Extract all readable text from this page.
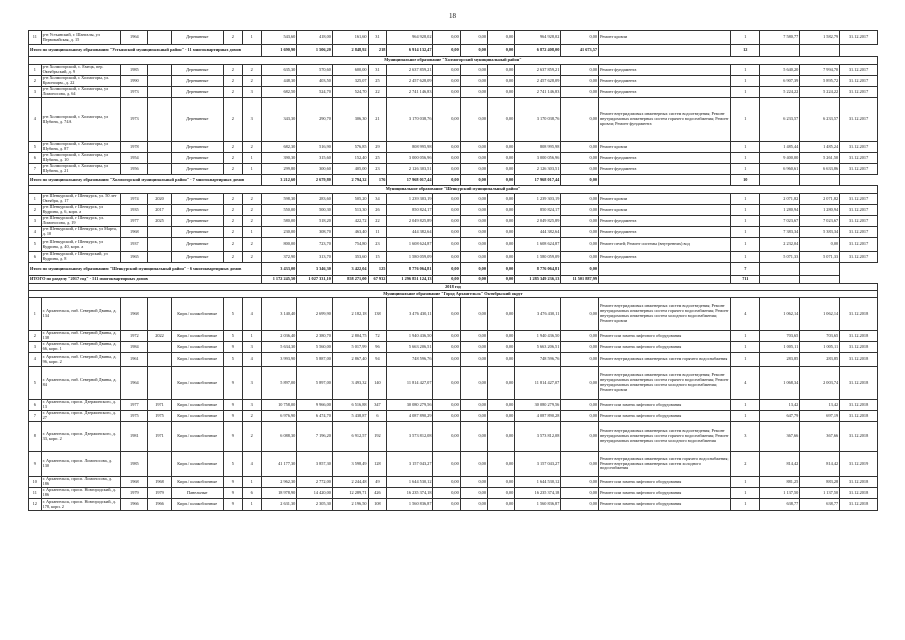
18
11	р-н Устьянский, г. Шангалы, ул Первомайская, д. 15	1964		Деревянные	2	1	543,60	418,00	161,60	31	964 928,02	0,00	0,00	0,00	964 928,02	0,00	Ремонт кровли	1	7 580,77	1 582,79	31.12.2017
Итого по муниципальному образованию "Устьянский муниципальный район" - 11 многоквартирных домов							1 690,90	1 506,20	2 848,92	218	6 914 132,47	0,00	0,00	0,00	6 872 408,00	41 673,57		12			
Муниципальное образование "Холмогорский муниципальный район"																					
1	р-н Холмогорский, с. Емецк, пер. Октябрьский, д. 9	1985		Деревянные	2	2	635,30	570,60	600,00	31	2 637 859,21	0,00	0,00	0,00	2 637 859,21	0,00	Ремонт фундамента	1	5 640,20	7 994,70	31.12.2017
2	р-н Холмогорский, с Холмогоры, ул. Красноарм., д. 22	1990		Деревянные	2	2	448,30	403,50	325,07	25	2 457 628,09	0,00	0,00	0,00	2 457 628,09	0,00	Ремонт фундамента	1	6 907,39	5 895,72	31.12.2017
3	р-н Холмогорский, с Холмогоры, ул Ломоносова, д. 64	1973		Деревянные	2	3	682,50	524,70	524,70	22	2 741 146,83	0,00	0,00	0,00	2 741 146,83	0,00	Ремонт фундамента	1	5 224,22	5 224,22	31.12.2017
4	р-н Холмогорский, с Холмогоры, ул Шубина, д. 74А	1973		Деревянные	2	3	343,30	290,70	306,30	21	3 170 038,76	0,00	0,00	0,00	3 170 038,76	0,00	Ремонт внутридомовых инженерных систем водоотведения; Ремонт внутридомовых инженерных систем горячего водоснабжения; Ремонт кровли; Ремонт фундамента	1	6 233,57	6 233,57	31.12.2017
5	р-н Холмогорский, с Холмогоры, ул Шубина, д. 87	1978		Деревянные	2	2	682,30	516,90	576,85	29	808 995,98	0,00	0,00	0,00	808 995,98	0,00	Ремонт кровли	1	1 485,44	1 485,24	31.12.2017
6	р-н Холмогорский, с Холмогоры, ул Шубина, д. 10	1954		Деревянные	2	1	390,30	315,60	152,40	25	3 000 056,96	0,00	0,00	0,00	3 000 056,96	0,00	Ремонт фундамента	1	9 400,00	5 261,50	31.12.2017
7	р-н Холмогорский, с Холмогоры, ул Шубина, д. 21	1956		Деревянные	2	1	299,80	300,60	405,00	23	2 126 303,51	0,00	0,00	0,00	2 126 303,51	0,00	Ремонт фундамента	1	6 960,61	6 633,86	31.12.2017
Итого по муниципальному образованию "Холмогорский муниципальный район" - 7 многоквартирных домов							3 212,60	2 679,80	2 794,32	176	17 968 017,44	0,00	0,00	0,00	17 968 017,44	0,00		10			
Муниципальное образование "Шенкурский муниципальный район"																					
1	р-н Шенкурский, г Шенкурск, ул. 50 лет Октября, д. 17	1974	2020	Деревянные	2	2	598,30	283,60	505,20	34	1 239 303,19	0,00	0,00	0,00	1 239 303,19	0,00	Ремонт кровли	1	2 071,82	2 071,82	31.12.2017
2	р-н Шенкурский, г Шенкурск, ул Кудрина, д. 6, корп. а	1935	2017	Деревянные	2	2	550,00	500,30	513,30	26	850 824,17	0,00	0,00	0,00	850 824,17	0,00	Ремонт кровли	1	1 280,94	1 280,94	31.12.2017
3	р-н Шенкурский, г Шенкурск, ул. Ломоносова, д. 19	1977	2025	Деревянные	2	2	580,00	518,20	422,72	22	2 049 825,89	0,00	0,00	0,00	2 049 825,89	0,00	Ремонт фундамента	1	7 023,67	7 023,67	31.12.2017
4	р-н Шенкурский, г Шенкурск, ул Марта, д. 10	1968		Деревянные	2	1	230,00	308,70	463,40	11	444 382,64	0,00	0,00	0,00	444 382,64	0,00	Ремонт фундамента	1	7 383,34	5 383,34	31.12.2017
5	р-н Шенкурский, г Шенкурск, ул Кудрина, д. 40, корп. а	1937		Деревянные	2	2	800,00	723,70	754,80	23	1 608 624,87	0,00	0,00	0,00	1 608 624,87	0,00	Ремонт печей; Ремонт системы (внутренних) вод	1	2 232,04	0,00	31.12.2017
6	р-н Шенкурский, г Шенкурский, ул Кудрина, д. 8	1965		Деревянные	2	2	372,90	313,70	353,60	15	1 580 059,09	0,00	0,00	0,00	1 580 059,09	0,00	Ремонт фундамента	1	5 071,33	5 071,33	31.12.2017
Итого по муниципальному образованию "Шенкурский муниципальный район" - 6 многоквартирных домов							3 433,00	3 346,30	3 422,04	125	8 776 064,81	0,00	0,00	0,00	8 776 064,81	0,00		7			
ИТОГО по разделу "2017 год" - 511 многоквартирных домов							1 172 245,50	1 027 331,10	858 271,00	67 932	1 296 851 124,13	0,00	0,00	0,00	1 285 349 236,13	11 501 887,99		711			
2018 год																					
Муниципальное образование "Город Архангельск" Октябрьский округ																					
1	г. Архангельск, наб. Северной Двины, д. 134	1968		Кирп./ шлакоблочные	5	4	3 140,40	2 699,90	2 182,18	138	3 476 430,11	0,00	0,00	0,00	3 476 430,11	0,00	Ремонт внутридомовых инженерных систем водоотведения; Ремонт внутридомовых инженерных систем горячего водоснабжения; Ремонт внутридомовых инженерных систем холодного водоснабжения; Ремонт кровли	4	1 062,14	1 062,14	31.12.2018
2	г. Архангельск, наб. Северной Двины, д. 138	1972	2022	Кирп./ шлакоблочные	5	1	2 036,40	2 380,70	2 804,75	72	1 940 436,50	0,00	0,00	0,00	1 940 436,50	0,00	Ремонт или замена лифтового оборудования	1	703,65	703,65	31.12.2018
3	г. Архангельск, наб. Северной Двины, д. 66, корп. 1	1984		Кирп./ шлакоблочные	9	3	5 634,30	5 560,00	5 017,99	96	5 663 206,51	0,00	0,00	0,00	5 663 206,51	0,00	Ремонт или замена лифтового оборудования	1	1 005,11	1 005,11	31.12.2018
4	г. Архангельск, наб. Северной Двины, д. 96, корп. 2	1961		Кирп./ шлакоблочные	5	4	3 993,90	5 887,00	2 867,40	94	748 596,76	0,00	0,00	0,00	748 596,76	0,00	Ремонт внутридомовых инженерных систем горячего водоснабжения	1	283,85	283,85	31.12.2018
5	г. Архангельск, наб. Северной Двины, д. 84	1964		Кирп./ шлакоблочные	9	3	5 897,00	5 897,00	3 493,32	140	11 814 427,07	0,00	0,00	0,00	11 814 427,07	0,00	Ремонт внутридомовых инженерных систем водоотведения; Ремонт внутридомовых инженерных систем горячего водоснабжения; Ремонт внутридомовых инженерных систем холодного водоснабжения; Ремонт кровли	4	1 068,34	2 003,74	31.12.2018
6	г. Архангельск, просп. Дзержинского, д. 13	1977	1971	Кирп./ шлакоблочные	9	3	10 758,00	9 966,00	6 516,88	347	30 080 279,56	0,00	0,00	0,00	30 080 279,56	0,00	Ремонт или замена лифтового оборудования	1	13,42	13,42	31.12.2018
7	г. Архангельск, просп. Дзержинского, д. 27	1975	1975	Кирп./ шлакоблочные	9	2	6 976,90	6 474,70	5 438,87	6	4 087 890,29	0,00	0,00	0,00	4 087 890,28	0,00	Ремонт или замена лифтового оборудования	1	647,79	697,19	31.12.2018
8	г. Архангельск, просп. Дзержинского, д. 33, корп. 2	1981	1971	Кирп./ шлакоблочные	9	2	6 088,30	7 196,20	6 912,57	192	3 573 812,08	0,00	0,00	0,00	3 573 812,08	0,00	Ремонт внутридомовых инженерных систем водоотведения; Ремонт внутридомовых инженерных систем горячего водоснабжения; Ремонт внутридомовых инженерных систем холодного водоснабжения	3	367,66	367,66	31.12.2018
9	г. Архангельск, просп. Ломоносова, д. 130	1985		Кирп./ шлакоблочные	5	4	41 177,30	3 857,30	3 598,49	128	3 157 043,27	0,00	0,00	0,00	3 157 043,27	0,00	Ремонт внутридомовых инженерных систем горячего водоснабжения; Ремонт внутридомовых инженерных систем холодного водоснабжения	2	814,42	814,42	31.12.2019
10	г. Архангельск, просп. Ломоносова, д. 186	1968	1968	Кирп./ шлакоблочные	9	1	2 962,30	2 772,00	2 244,48	49	1 644 530,12	0,00	0,00	0,00	1 644 530,12	0,00	Ремонт или замена лифтового оборудования	1	881,25	883,28	31.12.2018
11	г. Архангельск, просп. Новгородский, д. 186	1979	1979	Панельные	9	6	18 978,90	14 420,00	12 289,71	426	16 235 374,18	0,00	0,00	0,00	16 235 374,18	0,00	Ремонт или замена лифтового оборудования	1	1 137,50	1 137,50	31.12.2018
12	г. Архангельск, просп. Новгородский, д. 178, корп. 2	1966	1966	Кирп./ шлакоблочные	9	1	2 631,30	2 305,30	2 196,50	108	1 560 836,87	0,00	0,00	0,00	1 560 836,87	0,00	Ремонт или замена лифтового оборудования	1	638,77	638,77	31.12.2018
